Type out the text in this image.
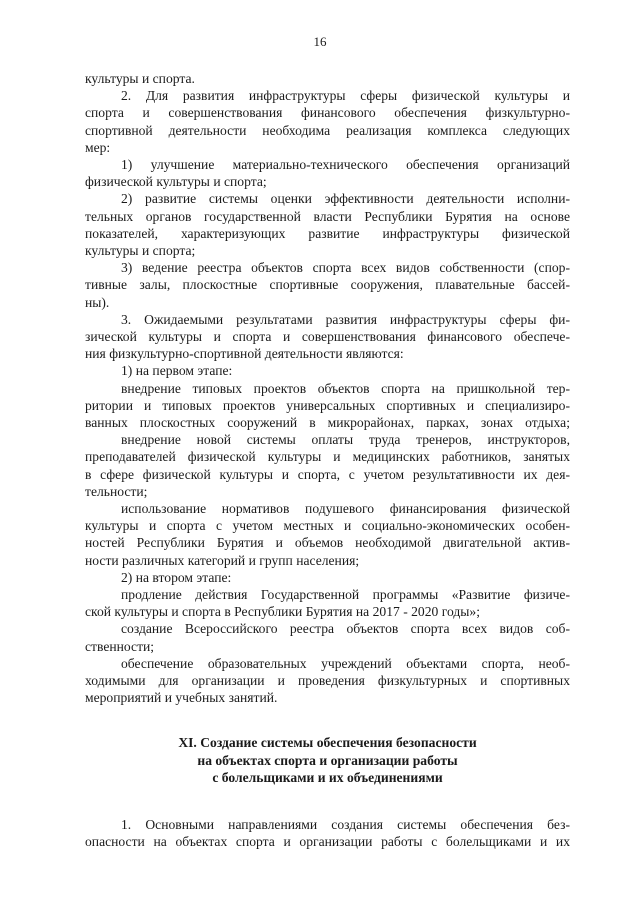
16
культуры и спорта.
2. Для развития инфраструктуры сферы физической культуры и
спорта и совершенствования финансового обеспечения физкультурно-
спортивной деятельности необходима реализация комплекса следующих
мер:
1) улучшение материально-технического обеспечения организаций
физической культуры и спорта;
2) развитие системы оценки эффективности деятельности исполни-
тельных органов государственной власти Республики Бурятия на основе
показателей, характеризующих развитие инфраструктуры физической
культуры и спорта;
3) ведение реестра объектов спорта всех видов собственности (спор-
тивные залы, плоскостные спортивные сооружения, плавательные бассей-
ны).
3. Ожидаемыми результатами развития инфраструктуры сферы фи-
зической культуры и спорта и совершенствования финансового обеспече-
ния физкультурно-спортивной деятельности являются:
1) на первом этапе:
внедрение типовых проектов объектов спорта на пришкольной тер-
ритории и типовых проектов универсальных спортивных и специализиро-
ванных плоскостных сооружений в микрорайонах, парках, зонах отдыха;
внедрение новой системы оплаты труда тренеров, инструкторов,
преподавателей физической культуры и медицинских работников, занятых
в сфере физической культуры и спорта, с учетом результативности их дея-
тельности;
использование нормативов подушевого финансирования физической
культуры и спорта с учетом местных и социально-экономических особен-
ностей Республики Бурятия и объемов необходимой двигательной актив-
ности различных категорий и групп населения;
2) на втором этапе:
продление действия Государственной программы «Развитие физиче-
ской культуры и спорта в Республики Бурятия на 2017 - 2020 годы»;
создание Всероссийского реестра объектов спорта всех видов соб-
ственности;
обеспечение образовательных учреждений объектами спорта, необ-
ходимыми для организации и проведения физкультурных и спортивных
мероприятий и учебных занятий.
XI. Создание системы обеспечения безопасности
на объектах спорта и организации работы
с болельщиками и их объединениями
1. Основными направлениями создания системы обеспечения без-
опасности на объектах спорта и организации работы с болельщиками и их
